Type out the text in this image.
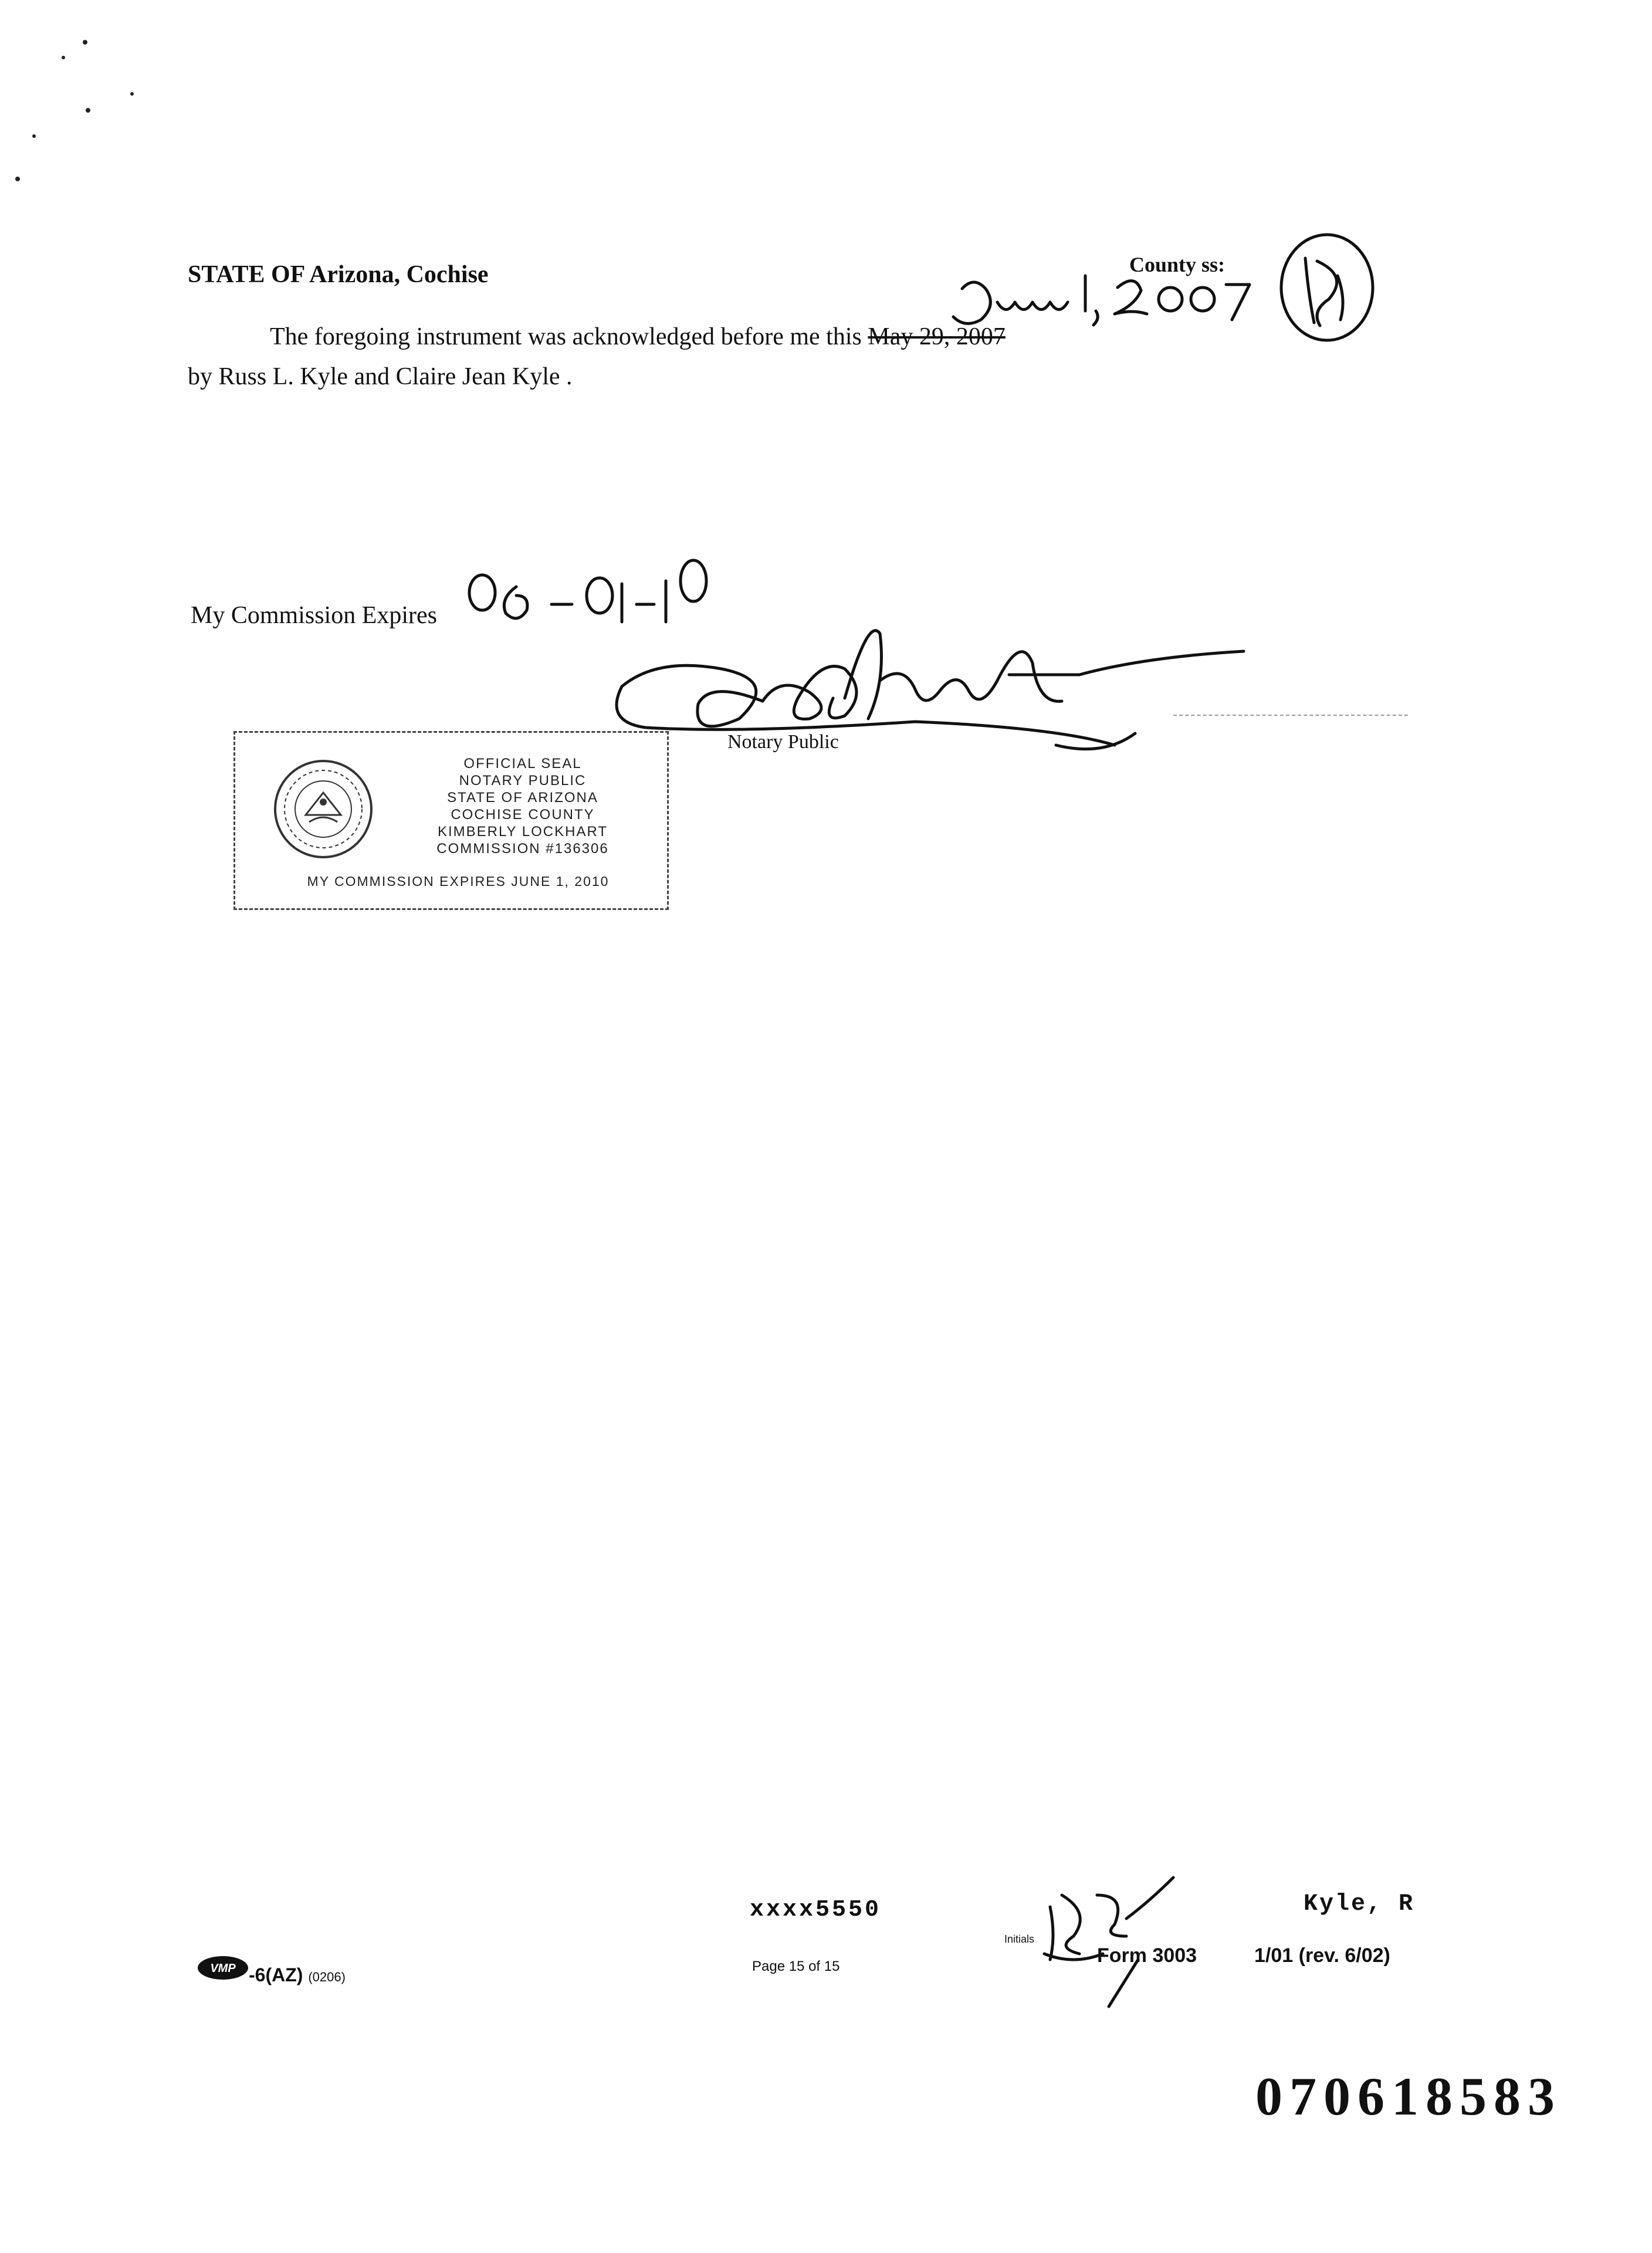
STATE OF Arizona, Cochise	County ss:
The foregoing instrument was acknowledged before me this May 29, 2007
by Russ L. Kyle and Claire Jean Kyle .
My Commission Expires
Notary Public
OFFICIAL SEAL
NOTARY PUBLIC
STATE OF ARIZONA
COCHISE COUNTY
KIMBERLY LOCKHART
COMMISSION #136306
MY COMMISSION EXPIRES JUNE 1, 2010
xxxx5550
Page 15 of 15
Kyle, R
Initials
Form 3003	1/01 (rev. 6/02)
VMP -6(AZ) (0206)
070618583
